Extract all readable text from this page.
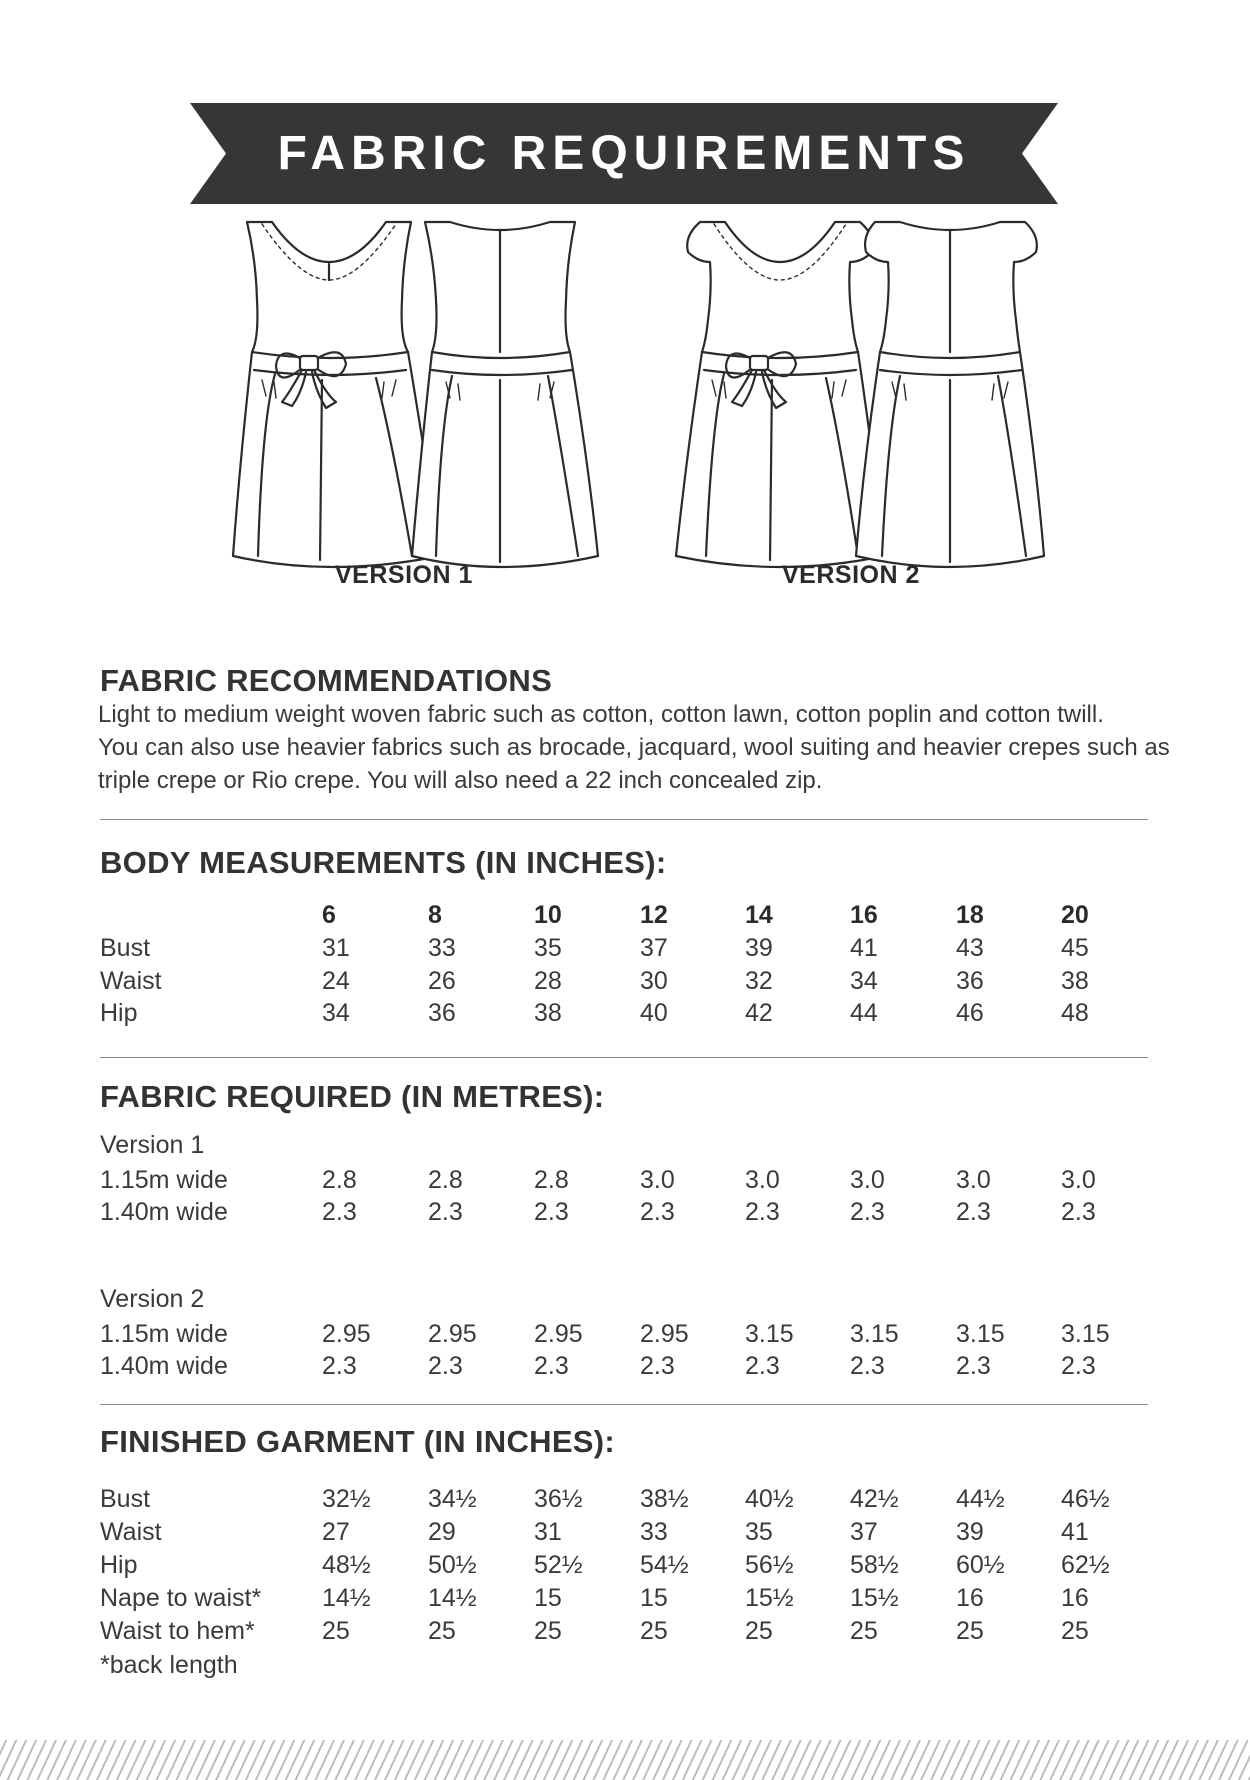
FABRIC REQUIREMENTS
VERSION 1	VERSION 2
FABRIC RECOMMENDATIONS
Light to medium weight woven fabric such as cotton, cotton lawn, cotton poplin and cotton twill.
You can also use heavier fabrics such as brocade, jacquard, wool suiting and heavier crepes such as
triple crepe or Rio crepe. You will also need a 22 inch concealed zip.
BODY MEASUREMENTS (IN INCHES):
6	8	10	12	14	16	18	20
Bust	31	33	35	37	39	41	43	45
Waist	24	26	28	30	32	34	36	38
Hip	34	36	38	40	42	44	46	48
FABRIC REQUIRED (IN METRES):
Version 1
1.15m wide	2.8	2.8	2.8	3.0	3.0	3.0	3.0	3.0
1.40m wide	2.3	2.3	2.3	2.3	2.3	2.3	2.3	2.3
Version 2
1.15m wide	2.95 2.95 2.95 2.95 3.15 3.15 3.15 3.15
1.40m wide	2.3	2.3	2.3	2.3	2.3	2.3	2.3	2.3
FINISHED GARMENT (IN INCHES):
Bust	32½ 34½ 36½ 38½ 40½ 42½ 44½ 46½
Waist	27	29	31	33	35	37	39	41
Hip	48½ 50½ 52½ 54½ 56½ 58½ 60½ 62½
Nape to waist* 14½ 14½ 15	15	15½ 15½ 16	16
Waist to hem*	25	25	25	25	25	25	25	25
*back length
